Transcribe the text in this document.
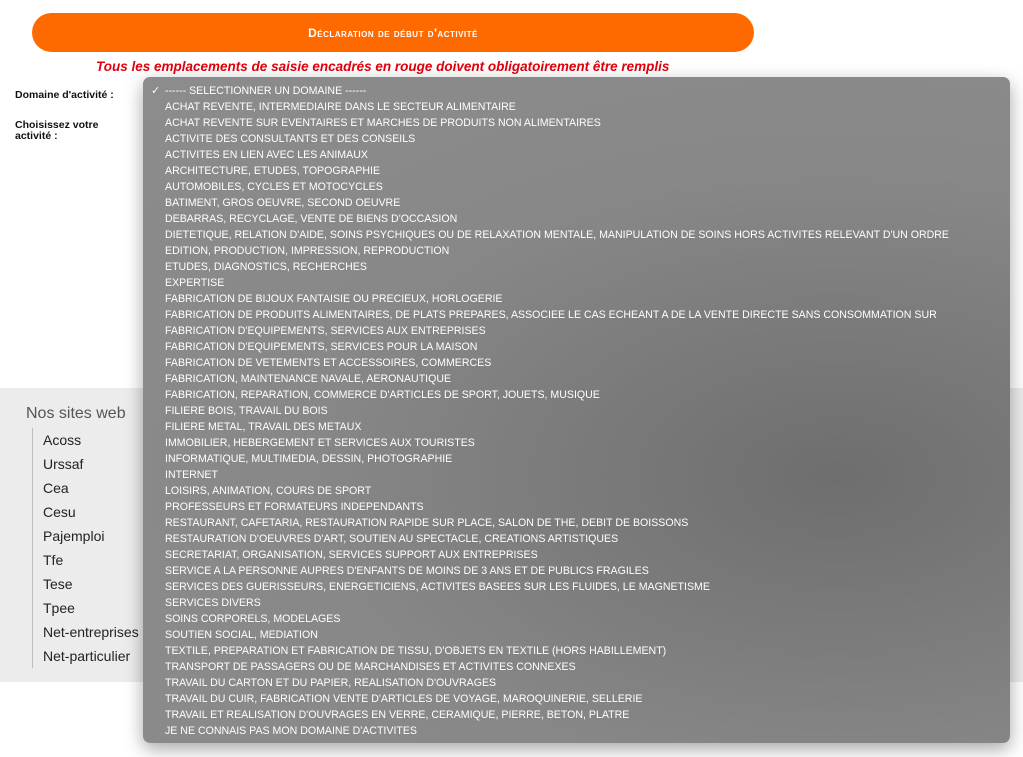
Déclaration de début d'activité
Tous les emplacements de saisie encadrés en rouge doivent obligatoirement être remplis
Domaine d'activité :
Choisissez votre activité :
Nos sites web
Acoss
Urssaf
Cea
Cesu
Pajemploi
Tfe
Tese
Tpee
Net-entreprises
Net-particulier
✓ ------ SELECTIONNER UN DOMAINE ------
ACHAT REVENTE, INTERMEDIAIRE DANS LE SECTEUR ALIMENTAIRE
ACHAT REVENTE SUR EVENTAIRES ET MARCHES DE PRODUITS NON ALIMENTAIRES
ACTIVITE DES CONSULTANTS ET DES CONSEILS
ACTIVITES EN LIEN AVEC LES ANIMAUX
ARCHITECTURE, ETUDES, TOPOGRAPHIE
AUTOMOBILES, CYCLES ET MOTOCYCLES
BATIMENT, GROS OEUVRE, SECOND OEUVRE
DEBARRAS, RECYCLAGE, VENTE DE BIENS D'OCCASION
DIETETIQUE, RELATION D'AIDE, SOINS PSYCHIQUES OU DE RELAXATION MENTALE, MANIPULATION DE SOINS HORS ACTIVITES RELEVANT D'UN ORDRE
EDITION, PRODUCTION, IMPRESSION, REPRODUCTION
ETUDES, DIAGNOSTICS, RECHERCHES
EXPERTISE
FABRICATION DE BIJOUX FANTAISIE OU PRECIEUX, HORLOGERIE
FABRICATION DE PRODUITS ALIMENTAIRES, DE PLATS PREPARES, ASSOCIEE LE CAS ECHEANT A DE LA VENTE DIRECTE SANS CONSOMMATION SUR
FABRICATION D'EQUIPEMENTS, SERVICES AUX ENTREPRISES
FABRICATION D'EQUIPEMENTS, SERVICES POUR LA MAISON
FABRICATION DE VETEMENTS ET ACCESSOIRES, COMMERCES
FABRICATION, MAINTENANCE NAVALE, AERONAUTIQUE
FABRICATION, REPARATION, COMMERCE D'ARTICLES DE SPORT, JOUETS, MUSIQUE
FILIERE BOIS, TRAVAIL DU BOIS
FILIERE METAL, TRAVAIL DES METAUX
IMMOBILIER, HEBERGEMENT ET SERVICES AUX TOURISTES
INFORMATIQUE, MULTIMEDIA, DESSIN, PHOTOGRAPHIE
INTERNET
LOISIRS, ANIMATION, COURS DE SPORT
PROFESSEURS ET FORMATEURS INDEPENDANTS
RESTAURANT, CAFETARIA, RESTAURATION RAPIDE SUR PLACE, SALON DE THE, DEBIT DE BOISSONS
RESTAURATION D'OEUVRES D'ART, SOUTIEN AU SPECTACLE, CREATIONS ARTISTIQUES
SECRETARIAT, ORGANISATION, SERVICES SUPPORT AUX ENTREPRISES
SERVICE A LA PERSONNE AUPRES D'ENFANTS DE MOINS DE 3 ANS ET DE PUBLICS FRAGILES
SERVICES DES GUERISSEURS, ENERGETICIENS, ACTIVITES BASEES SUR LES FLUIDES, LE MAGNETISME
SERVICES DIVERS
SOINS CORPORELS, MODELAGES
SOUTIEN SOCIAL, MEDIATION
TEXTILE, PREPARATION ET FABRICATION DE TISSU, D'OBJETS EN TEXTILE (HORS HABILLEMENT)
TRANSPORT DE PASSAGERS OU DE MARCHANDISES ET ACTIVITES CONNEXES
TRAVAIL DU CARTON ET DU PAPIER, REALISATION D'OUVRAGES
TRAVAIL DU CUIR, FABRICATION VENTE D'ARTICLES DE VOYAGE, MAROQUINERIE, SELLERIE
TRAVAIL ET REALISATION D'OUVRAGES EN VERRE, CERAMIQUE, PIERRE, BETON, PLATRE
JE NE CONNAIS PAS MON DOMAINE D'ACTIVITES
